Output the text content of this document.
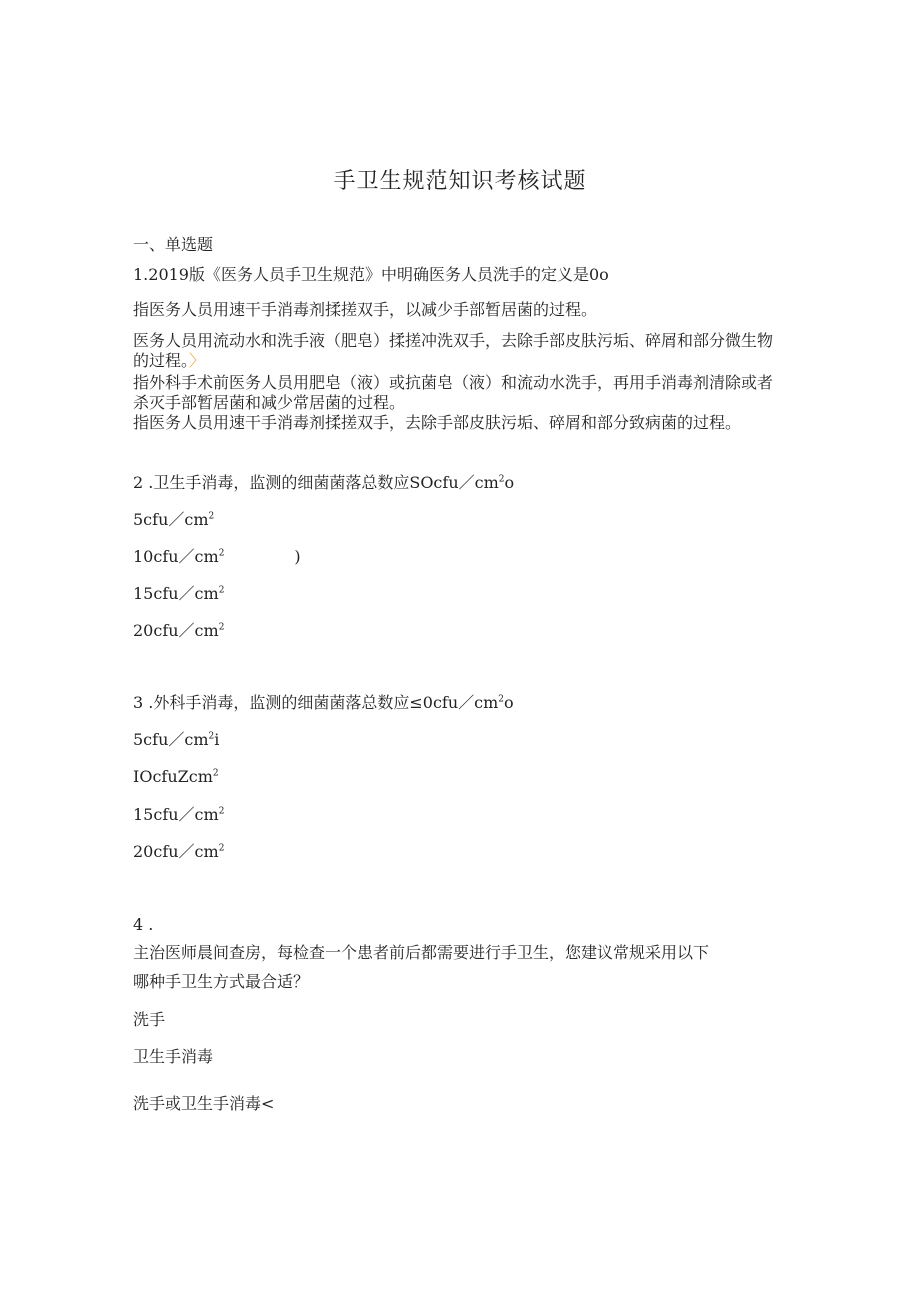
手卫生规范知识考核试题
一、单选题
1.2019版《医务人员手卫生规范》中明确医务人员洗手的定义是0o
指医务人员用速干手消毒剂揉搓双手，以减少手部暂居菌的过程。
医务人员用流动水和洗手液（肥皂）揉搓冲洗双手，去除手部皮肤污垢、碎屑和部分微生物的过程。〉
指外科手术前医务人员用肥皂（液）或抗菌皂（液）和流动水洗手，再用手消毒剂清除或者杀灭手部暂居菌和减少常居菌的过程。
指医务人员用速干手消毒剂揉搓双手，去除手部皮肤污垢、碎屑和部分致病菌的过程。
2 .卫生手消毒，监测的细菌菌落总数应$SOcfu/cm^2o$
$5cfu/cm^2$
$10cfu/cm^2$	)
$15cfu/cm^2$
$20cfu/cm^2$
3 .外科手消毒，监测的细菌菌落总数应$\le 0cfu/cm^2o$
$5cfu/cm^2i$
IOcfuZcm$^2$
$15cfu/cm^2$
$20cfu/cm^2$
4 .
主治医师晨间查房，每检查一个患者前后都需要进行手卫生，您建议常规采用以下
哪种手卫生方式最合适？
洗手
卫生手消毒
洗手或卫生手消毒<
